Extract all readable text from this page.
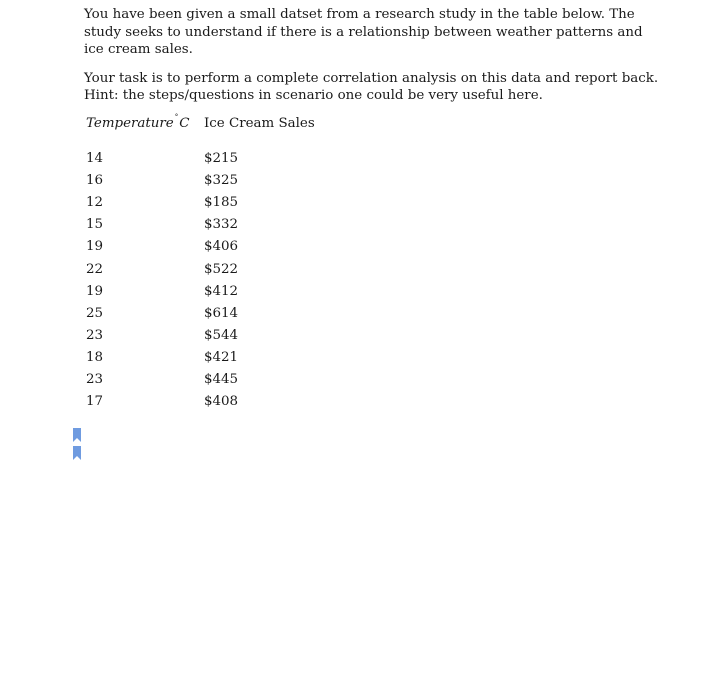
You have been given a small datset from a research study in the table below. The study seeks to understand if there is a relationship between weather patterns and ice cream sales.

Your task is to perform a complete correlation analysis on this data and report back. Hint: the steps/questions in scenario one could be very useful here.

Temperature°C	Ice Cream Sales

14	$215
16	$325
12	$185
15	$332
19	$406
22	$522
19	$412
25	$614
23	$544
18	$421
23	$445
17	$408
